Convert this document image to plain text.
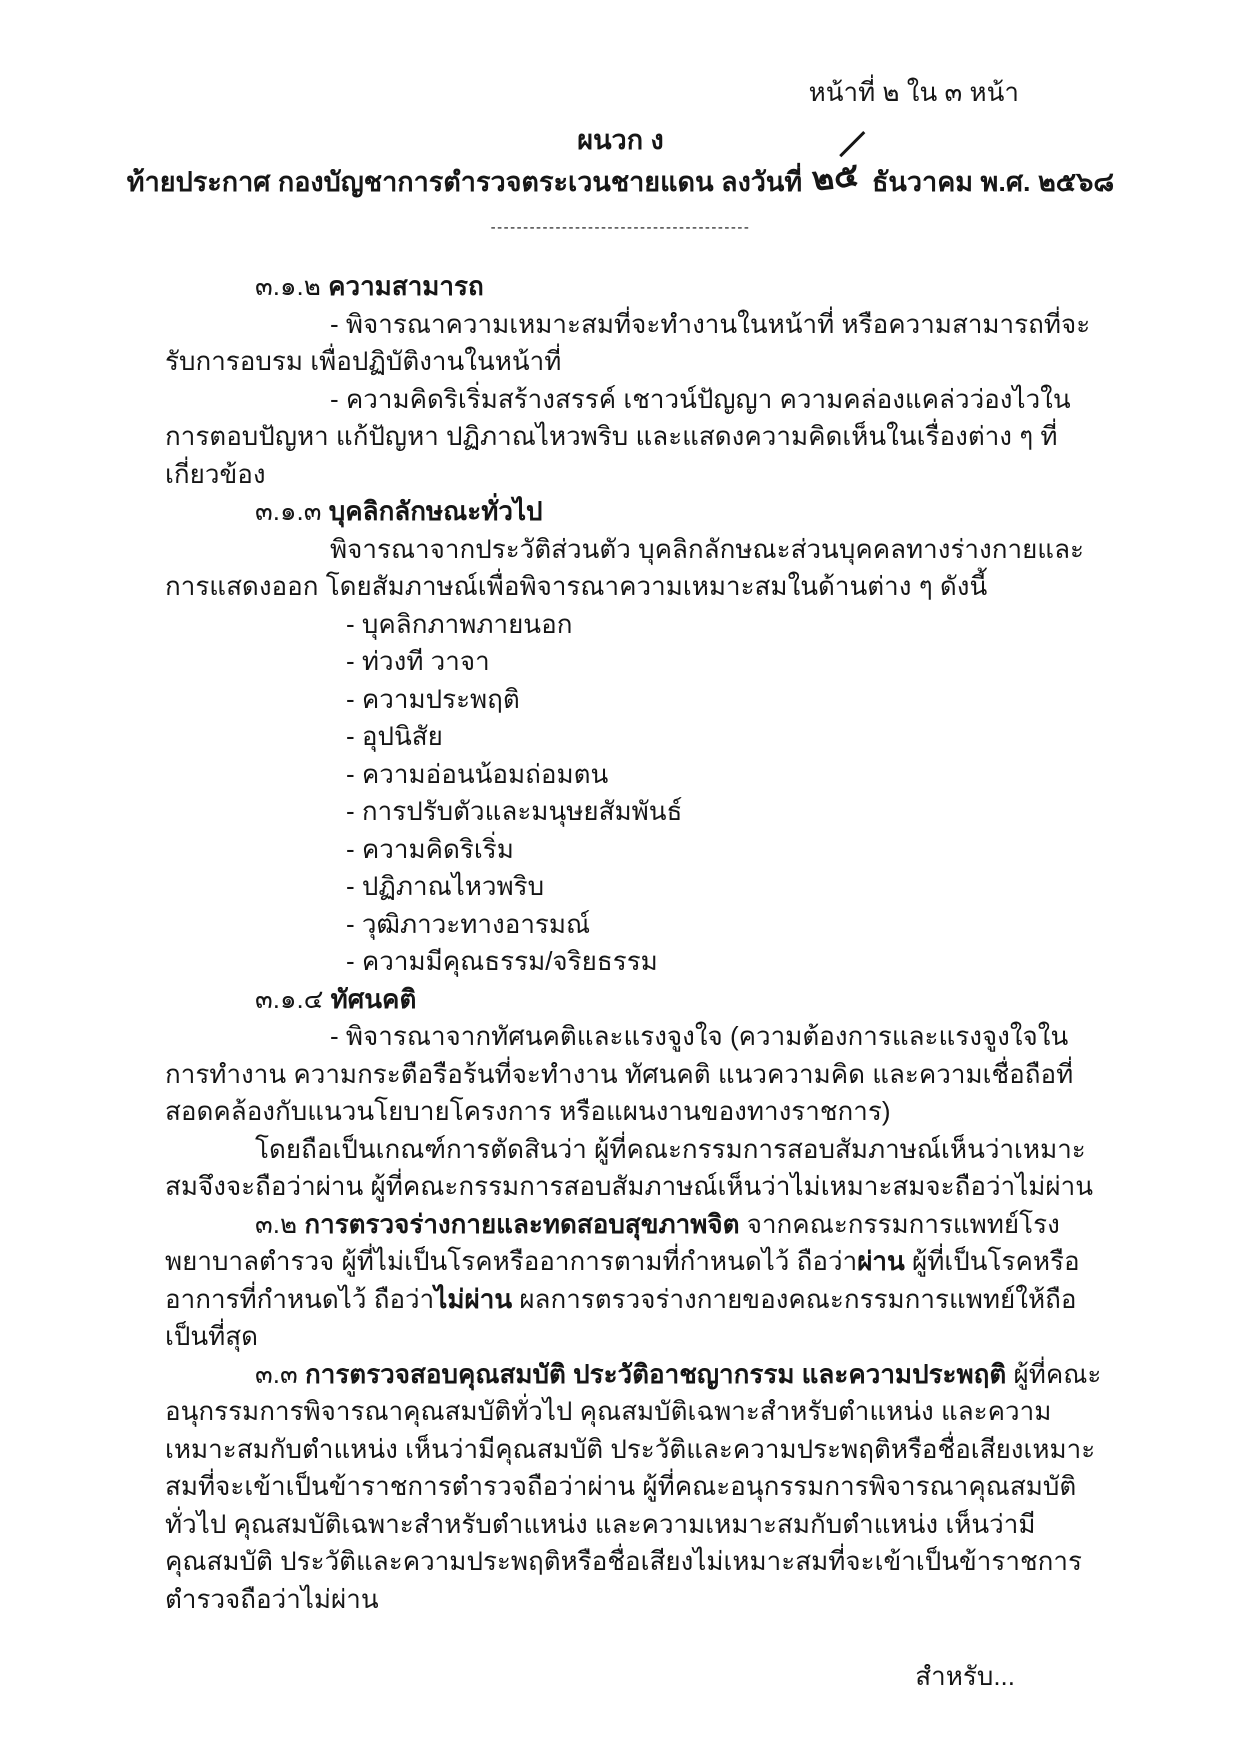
หน้าที่ ๒ ใน ๓ หน้า
ผนวก ง
ท้ายประกาศ กองบัญชาการตำรวจตระเวนชายแดน ลงวันที่ ๒๕ ธันวาคม พ.ศ. ๒๕๖๘
----------------------------------------

๓.๑.๒ ความสามารถ

- พิจารณาความเหมาะสมที่จะทำงานในหน้าที่ หรือความสามารถที่จะรับการอบรม เพื่อปฏิบัติงานในหน้าที่

- ความคิดริเริ่มสร้างสรรค์ เชาวน์ปัญญา ความคล่องแคล่วว่องไวในการตอบปัญหา แก้ปัญหา ปฏิภาณไหวพริบ และแสดงความคิดเห็นในเรื่องต่าง ๆ ที่เกี่ยวข้อง

๓.๑.๓ บุคลิกลักษณะทั่วไป

พิจารณาจากประวัติส่วนตัว บุคลิกลักษณะส่วนบุคคลทางร่างกายและการแสดงออก โดยสัมภาษณ์เพื่อพิจารณาความเหมาะสมในด้านต่าง ๆ ดังนี้

- บุคลิกภาพภายนอก

- ท่วงที วาจา

- ความประพฤติ

- อุปนิสัย

- ความอ่อนน้อมถ่อมตน

- การปรับตัวและมนุษยสัมพันธ์

- ความคิดริเริ่ม

- ปฏิภาณไหวพริบ

- วุฒิภาวะทางอารมณ์

- ความมีคุณธรรม/จริยธรรม

๓.๑.๔ ทัศนคติ

- พิจารณาจากทัศนคติและแรงจูงใจ (ความต้องการและแรงจูงใจในการทำงาน ความกระตือรือร้นที่จะทำงาน ทัศนคติ แนวความคิด และความเชื่อถือที่สอดคล้องกับแนวนโยบายโครงการ หรือแผนงานของทางราชการ)

โดยถือเป็นเกณฑ์การตัดสินว่า ผู้ที่คณะกรรมการสอบสัมภาษณ์เห็นว่าเหมาะสมจึงจะถือว่าผ่าน ผู้ที่คณะกรรมการสอบสัมภาษณ์เห็นว่าไม่เหมาะสมจะถือว่าไม่ผ่าน

๓.๒ การตรวจร่างกายและทดสอบสุขภาพจิต จากคณะกรรมการแพทย์โรงพยาบาลตำรวจ ผู้ที่ไม่เป็นโรคหรืออาการตามที่กำหนดไว้ ถือว่าผ่าน ผู้ที่เป็นโรคหรืออาการที่กำหนดไว้ ถือว่าไม่ผ่าน ผลการตรวจร่างกายของคณะกรรมการแพทย์ให้ถือเป็นที่สุด

๓.๓ การตรวจสอบคุณสมบัติ ประวัติอาชญากรรม และความประพฤติ ผู้ที่คณะอนุกรรมการพิจารณาคุณสมบัติทั่วไป คุณสมบัติเฉพาะสำหรับตำแหน่ง และความเหมาะสมกับตำแหน่ง เห็นว่ามีคุณสมบัติ ประวัติและความประพฤติหรือชื่อเสียงเหมาะสมที่จะเข้าเป็นข้าราชการตำรวจถือว่าผ่าน ผู้ที่คณะอนุกรรมการพิจารณาคุณสมบัติทั่วไป คุณสมบัติเฉพาะสำหรับตำแหน่ง และความเหมาะสมกับตำแหน่ง เห็นว่ามีคุณสมบัติ ประวัติและความประพฤติหรือชื่อเสียงไม่เหมาะสมที่จะเข้าเป็นข้าราชการตำรวจถือว่าไม่ผ่าน

สำหรับ...
